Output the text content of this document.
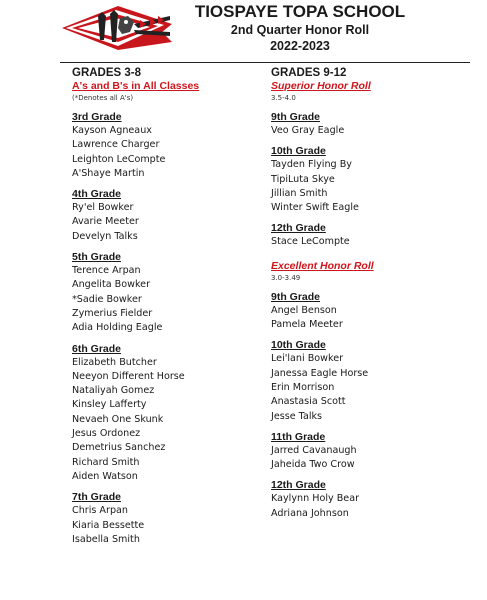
TIOSPAYE TOPA SCHOOL
2nd Quarter Honor Roll
2022-2023
GRADES 3-8
A's and B's in All Classes
(*Denotes all A's)
3rd Grade
Kayson Agneaux
Lawrence Charger
Leighton LeCompte
A'Shaye Martin
4th Grade
Ry'el Bowker
Avarie Meeter
Develyn Talks
5th Grade
Terence Arpan
Angelita Bowker
*Sadie Bowker
Zymerius Fielder
Adia Holding Eagle
6th Grade
Elizabeth Butcher
Neeyon Different Horse
Nataliyah Gomez
Kinsley Lafferty
Nevaeh One Skunk
Jesus Ordonez
Demetrius Sanchez
Richard Smith
Aiden Watson
7th Grade
Chris Arpan
Kiaria Bessette
Isabella Smith
GRADES 9-12
Superior Honor Roll
3.5-4.0
9th Grade
Veo Gray Eagle
10th Grade
Tayden Flying By
TipiLuta Skye
Jillian Smith
Winter Swift Eagle
12th Grade
Stace LeCompte
Excellent Honor Roll
3.0-3.49
9th Grade
Angel Benson
Pamela Meeter
10th Grade
Lei'lani Bowker
Janessa Eagle Horse
Erin Morrison
Anastasia Scott
Jesse Talks
11th Grade
Jarred Cavanaugh
Jaheida Two Crow
12th Grade
Kaylynn Holy Bear
Adriana Johnson
